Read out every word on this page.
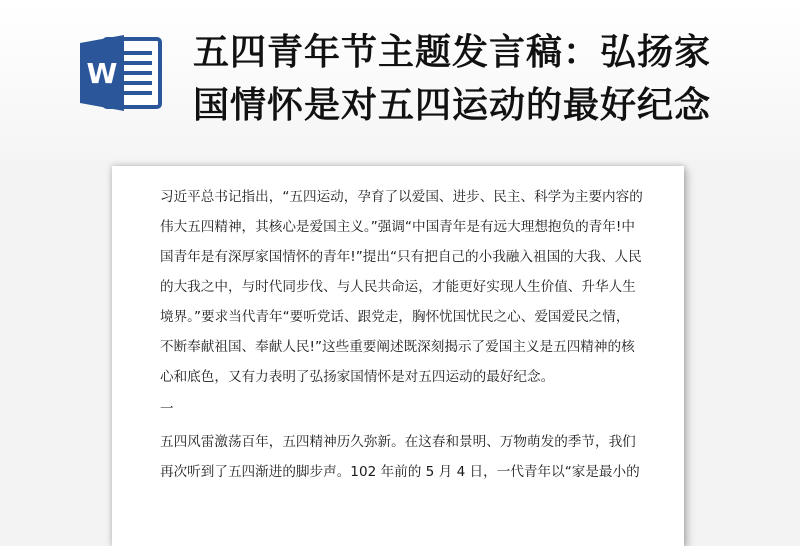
W
五四青年节主题发言稿：弘扬家
国情怀是对五四运动的最好纪念

习近平总书记指出，“五四运动，孕育了以爱国、进步、民主、科学为主要内容的
伟大五四精神，其核心是爱国主义。”强调“中国青年是有远大理想抱负的青年!中
国青年是有深厚家国情怀的青年!”提出“只有把自己的小我融入祖国的大我、人民
的大我之中，与时代同步伐、与人民共命运，才能更好实现人生价值、升华人生
境界。”要求当代青年“要听党话、跟党走，胸怀忧国忧民之心、爱国爱民之情，
不断奉献祖国、奉献人民!”这些重要阐述既深刻揭示了爱国主义是五四精神的核
心和底色，又有力表明了弘扬家国情怀是对五四运动的最好纪念。

一

五四风雷激荡百年，五四精神历久弥新。在这春和景明、万物萌发的季节，我们
再次听到了五四渐进的脚步声。102 年前的 5 月 4 日，一代青年以“家是最小的
